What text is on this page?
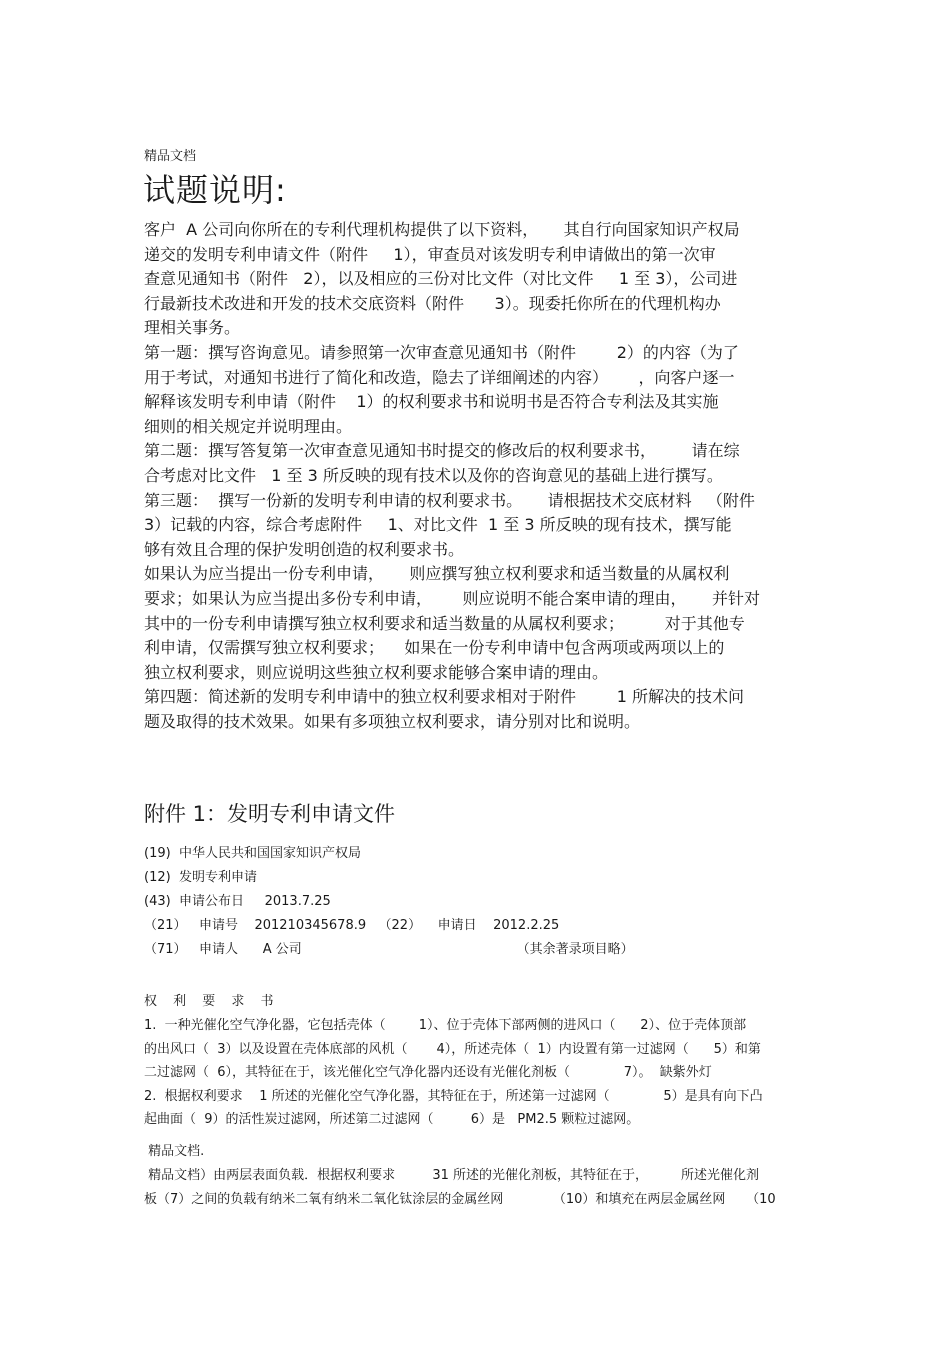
精品文档
试题说明:
客户  A 公司向你所在的专利代理机构提供了以下资料，     其自行向国家知识产权局
递交的发明专利申请文件（附件     1），审查员对该发明专利申请做出的第一次审
查意见通知书（附件   2），以及相应的三份对比文件（对比文件     1 至 3），公司进
行最新技术改进和开发的技术交底资料（附件      3）。现委托你所在的代理机构办
理相关事务。
第一题：撰写咨询意见。请参照第一次审查意见通知书（附件        2）的内容（为了
用于考试，对通知书进行了简化和改造，隐去了详细阐述的内容）      ，向客户逐一
解释该发明专利申请（附件    1）的权利要求书和说明书是否符合专利法及其实施
细则的相关规定并说明理由。
第二题：撰写答复第一次审查意见通知书时提交的修改后的权利要求书，       请在综
合考虑对比文件   1 至 3 所反映的现有技术以及你的咨询意见的基础上进行撰写。
第三题：  撰写一份新的发明专利申请的权利要求书。     请根据技术交底材料   （附件
3）记载的内容，综合考虑附件     1、对比文件  1 至 3 所反映的现有技术，撰写能
够有效且合理的保护发明创造的权利要求书。
如果认为应当提出一份专利申请，     则应撰写独立权利要求和适当数量的从属权利
要求；如果认为应当提出多份专利申请，      则应说明不能合案申请的理由，     并针对
其中的一份专利申请撰写独立权利要求和适当数量的从属权利要求；        对于其他专
利申请，仅需撰写独立权利要求；    如果在一份专利申请中包含两项或两项以上的
独立权利要求，则应说明这些独立权利要求能够合案申请的理由。
第四题：简述新的发明专利申请中的独立权利要求相对于附件        1 所解决的技术问
题及取得的技术效果。如果有多项独立权利要求，请分别对比和说明。
附件 1：发明专利申请文件
(19)  中华人民共和国国家知识产权局
(12)  发明专利申请
(43)  申请公布日     2013.7.25
（21）   申请号    201210345678.9   （22）    申请日    2012.2.25
（71）   申请人      A 公司                                                    （其余著录项目略）
权 利 要 求 书
1.  一种光催化空气净化器，它包括壳体（        1）、位于壳体下部两侧的进风口（      2）、位于壳体顶部
的出风口（  3）以及设置在壳体底部的风机（       4），所述壳体（  1）内设置有第一过滤网（      5）和第
二过滤网（  6），其特征在于，该光催化空气净化器内还设有光催化剂板（             7）。  缺紫外灯
2.  根据权利要求    1 所述的光催化空气净化器，其特征在于，所述第一过滤网（             5）是具有向下凸
起曲面（  9）的活性炭过滤网，所述第二过滤网（         6）是   PM2.5 颗粒过滤网。
精品文档.
精品文档）由两层表面负载．根据权利要求         31 所述的光催化剂板，其特征在于，        所述光催化剂
板（7）之间的负载有纳米二氧有纳米二氧化钛涂层的金属丝网            （10）和填充在两层金属丝网     （10
